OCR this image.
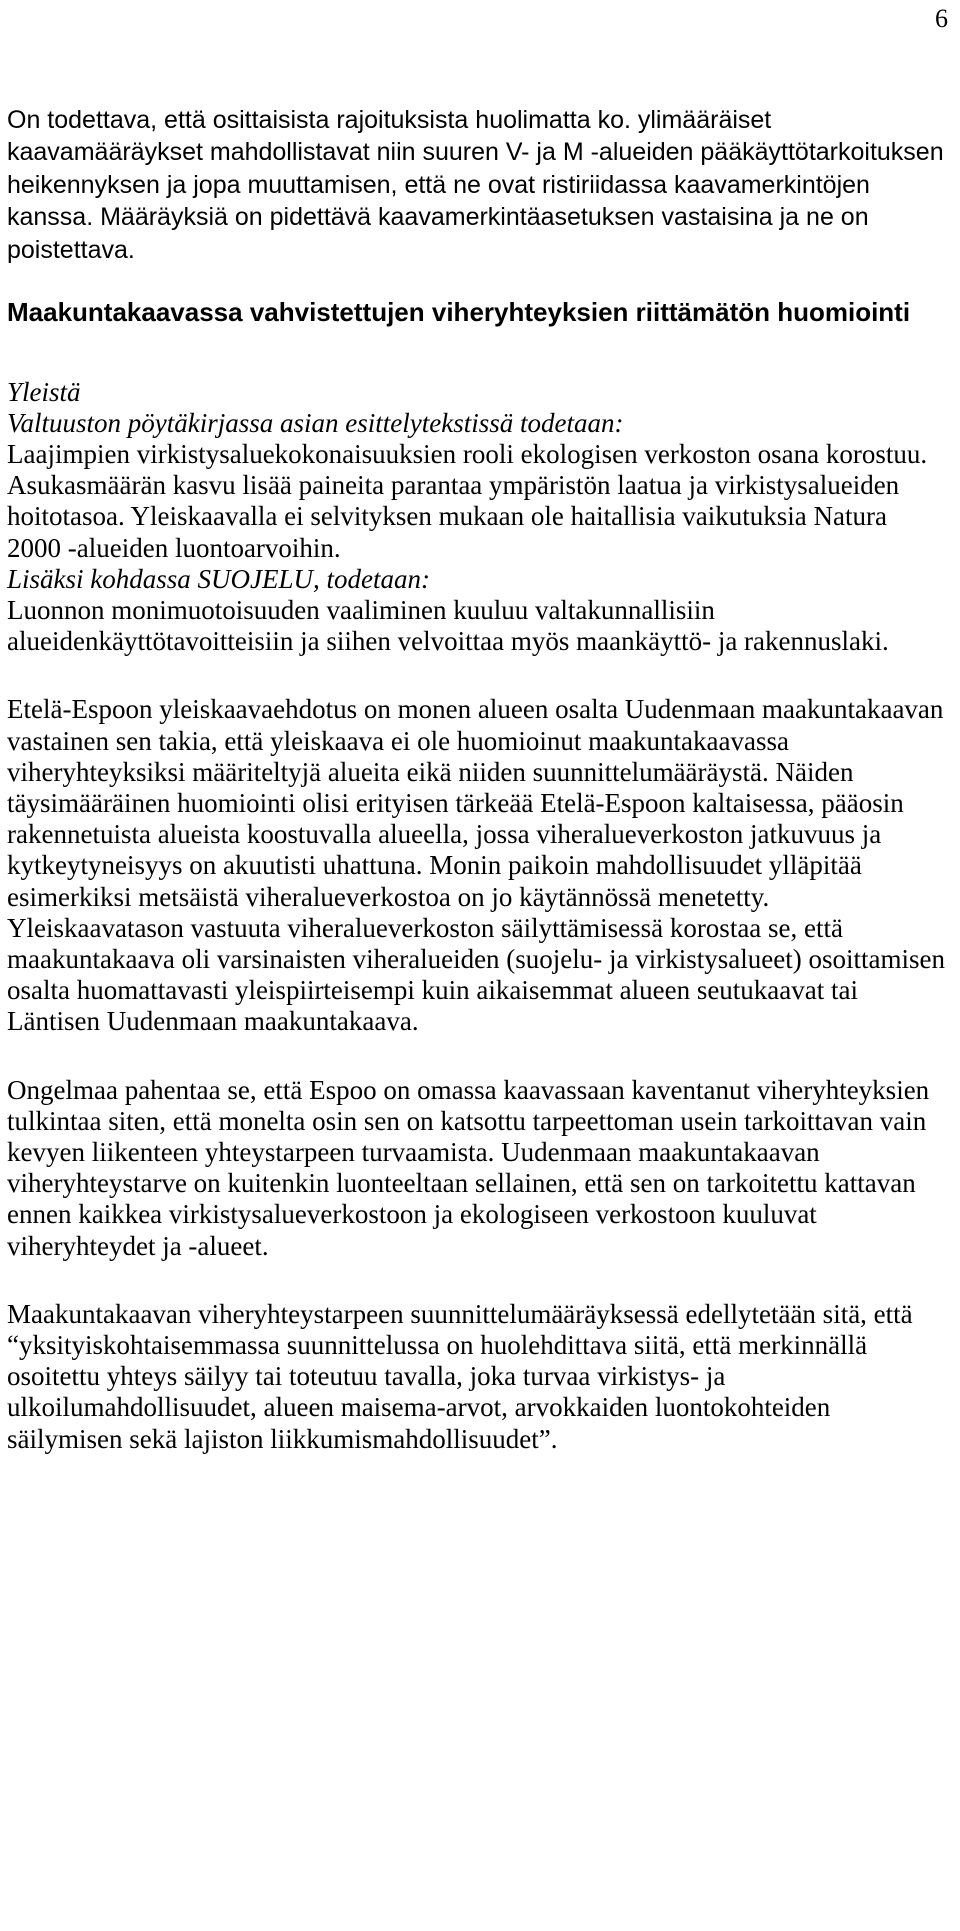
6

On todettava, että osittaisista rajoituksista huolimatta ko. ylimääräiset kaavamääräykset mahdollistavat niin suuren V- ja M -alueiden pääkäyttötarkoituksen heikennyksen ja jopa muuttamisen, että ne ovat ristiriidassa kaavamerkintöjen kanssa. Määräyksiä on pidettävä kaavamerkintäasetuksen vastaisina ja ne on poistettava.

Maakuntakaavassa vahvistettujen viheryhteyksien riittämätön huomiointi

Yleistä

Valtuuston pöytäkirjassa asian esittelytekstissä todetaan:

Laajimpien virkistysaluekokonaisuuksien rooli ekologisen verkoston osana korostuu. Asukasmäärän kasvu lisää paineita parantaa ympäristön laatua ja virkistysalueiden hoitotasoa. Yleiskaavalla ei selvityksen mukaan ole haitallisia vaikutuksia Natura 2000 -alueiden luontoarvoihin.

Lisäksi kohdassa SUOJELU, todetaan:

Luonnon monimuotoisuuden vaaliminen kuuluu valtakunnallisiin alueidenkäyttötavoitteisiin ja siihen velvoittaa myös maankäyttö- ja rakennuslaki.

Etelä-Espoon yleiskaavaehdotus on monen alueen osalta Uudenmaan maakuntakaavan vastainen sen takia, että yleiskaava ei ole huomioinut maakuntakaavassa viheryhteyksiksi määriteltyjä alueita eikä niiden suunnittelumääräystä. Näiden täysimääräinen huomiointi olisi erityisen tärkeää Etelä-Espoon kaltaisessa, pääosin rakennetuista alueista koostuvalla alueella, jossa viheralueverkoston jatkuvuus ja kytkeytyneisyys on akuutisti uhattuna. Monin paikoin mahdollisuudet ylläpitää esimerkiksi metsäistä viheralueverkostoa on jo käytännössä menetetty. Yleiskaavatason vastuuta viheralueverkoston säilyttämisessä korostaa se, että maakuntakaava oli varsinaisten viheralueiden (suojelu- ja virkistysalueet) osoittamisen osalta huomattavasti yleispiirteisempi kuin aikaisemmat alueen seutukaavat tai Läntisen Uudenmaan maakuntakaava.

Ongelmaa pahentaa se, että Espoo on omassa kaavassaan kaventanut viheryhteyksien tulkintaa siten, että monelta osin sen on katsottu tarpeettoman usein tarkoittavan vain kevyen liikenteen yhteystarpeen turvaamista. Uudenmaan maakuntakaavan viheryhteystarve on kuitenkin luonteeltaan sellainen, että sen on tarkoitettu kattavan ennen kaikkea virkistysalueverkostoon ja ekologiseen verkostoon kuuluvat viheryhteydet ja -alueet.

Maakuntakaavan viheryhteystarpeen suunnittelumääräyksessä edellytetään sitä, että “yksityiskohtaisemmassa suunnittelussa on huolehdittava siitä, että merkinnällä osoitettu yhteys säilyy tai toteutuu tavalla, joka turvaa virkistys- ja ulkoilumahdollisuudet, alueen maisema-arvot, arvokkaiden luontokohteiden säilymisen sekä lajiston liikkumismahdollisuudet”.
